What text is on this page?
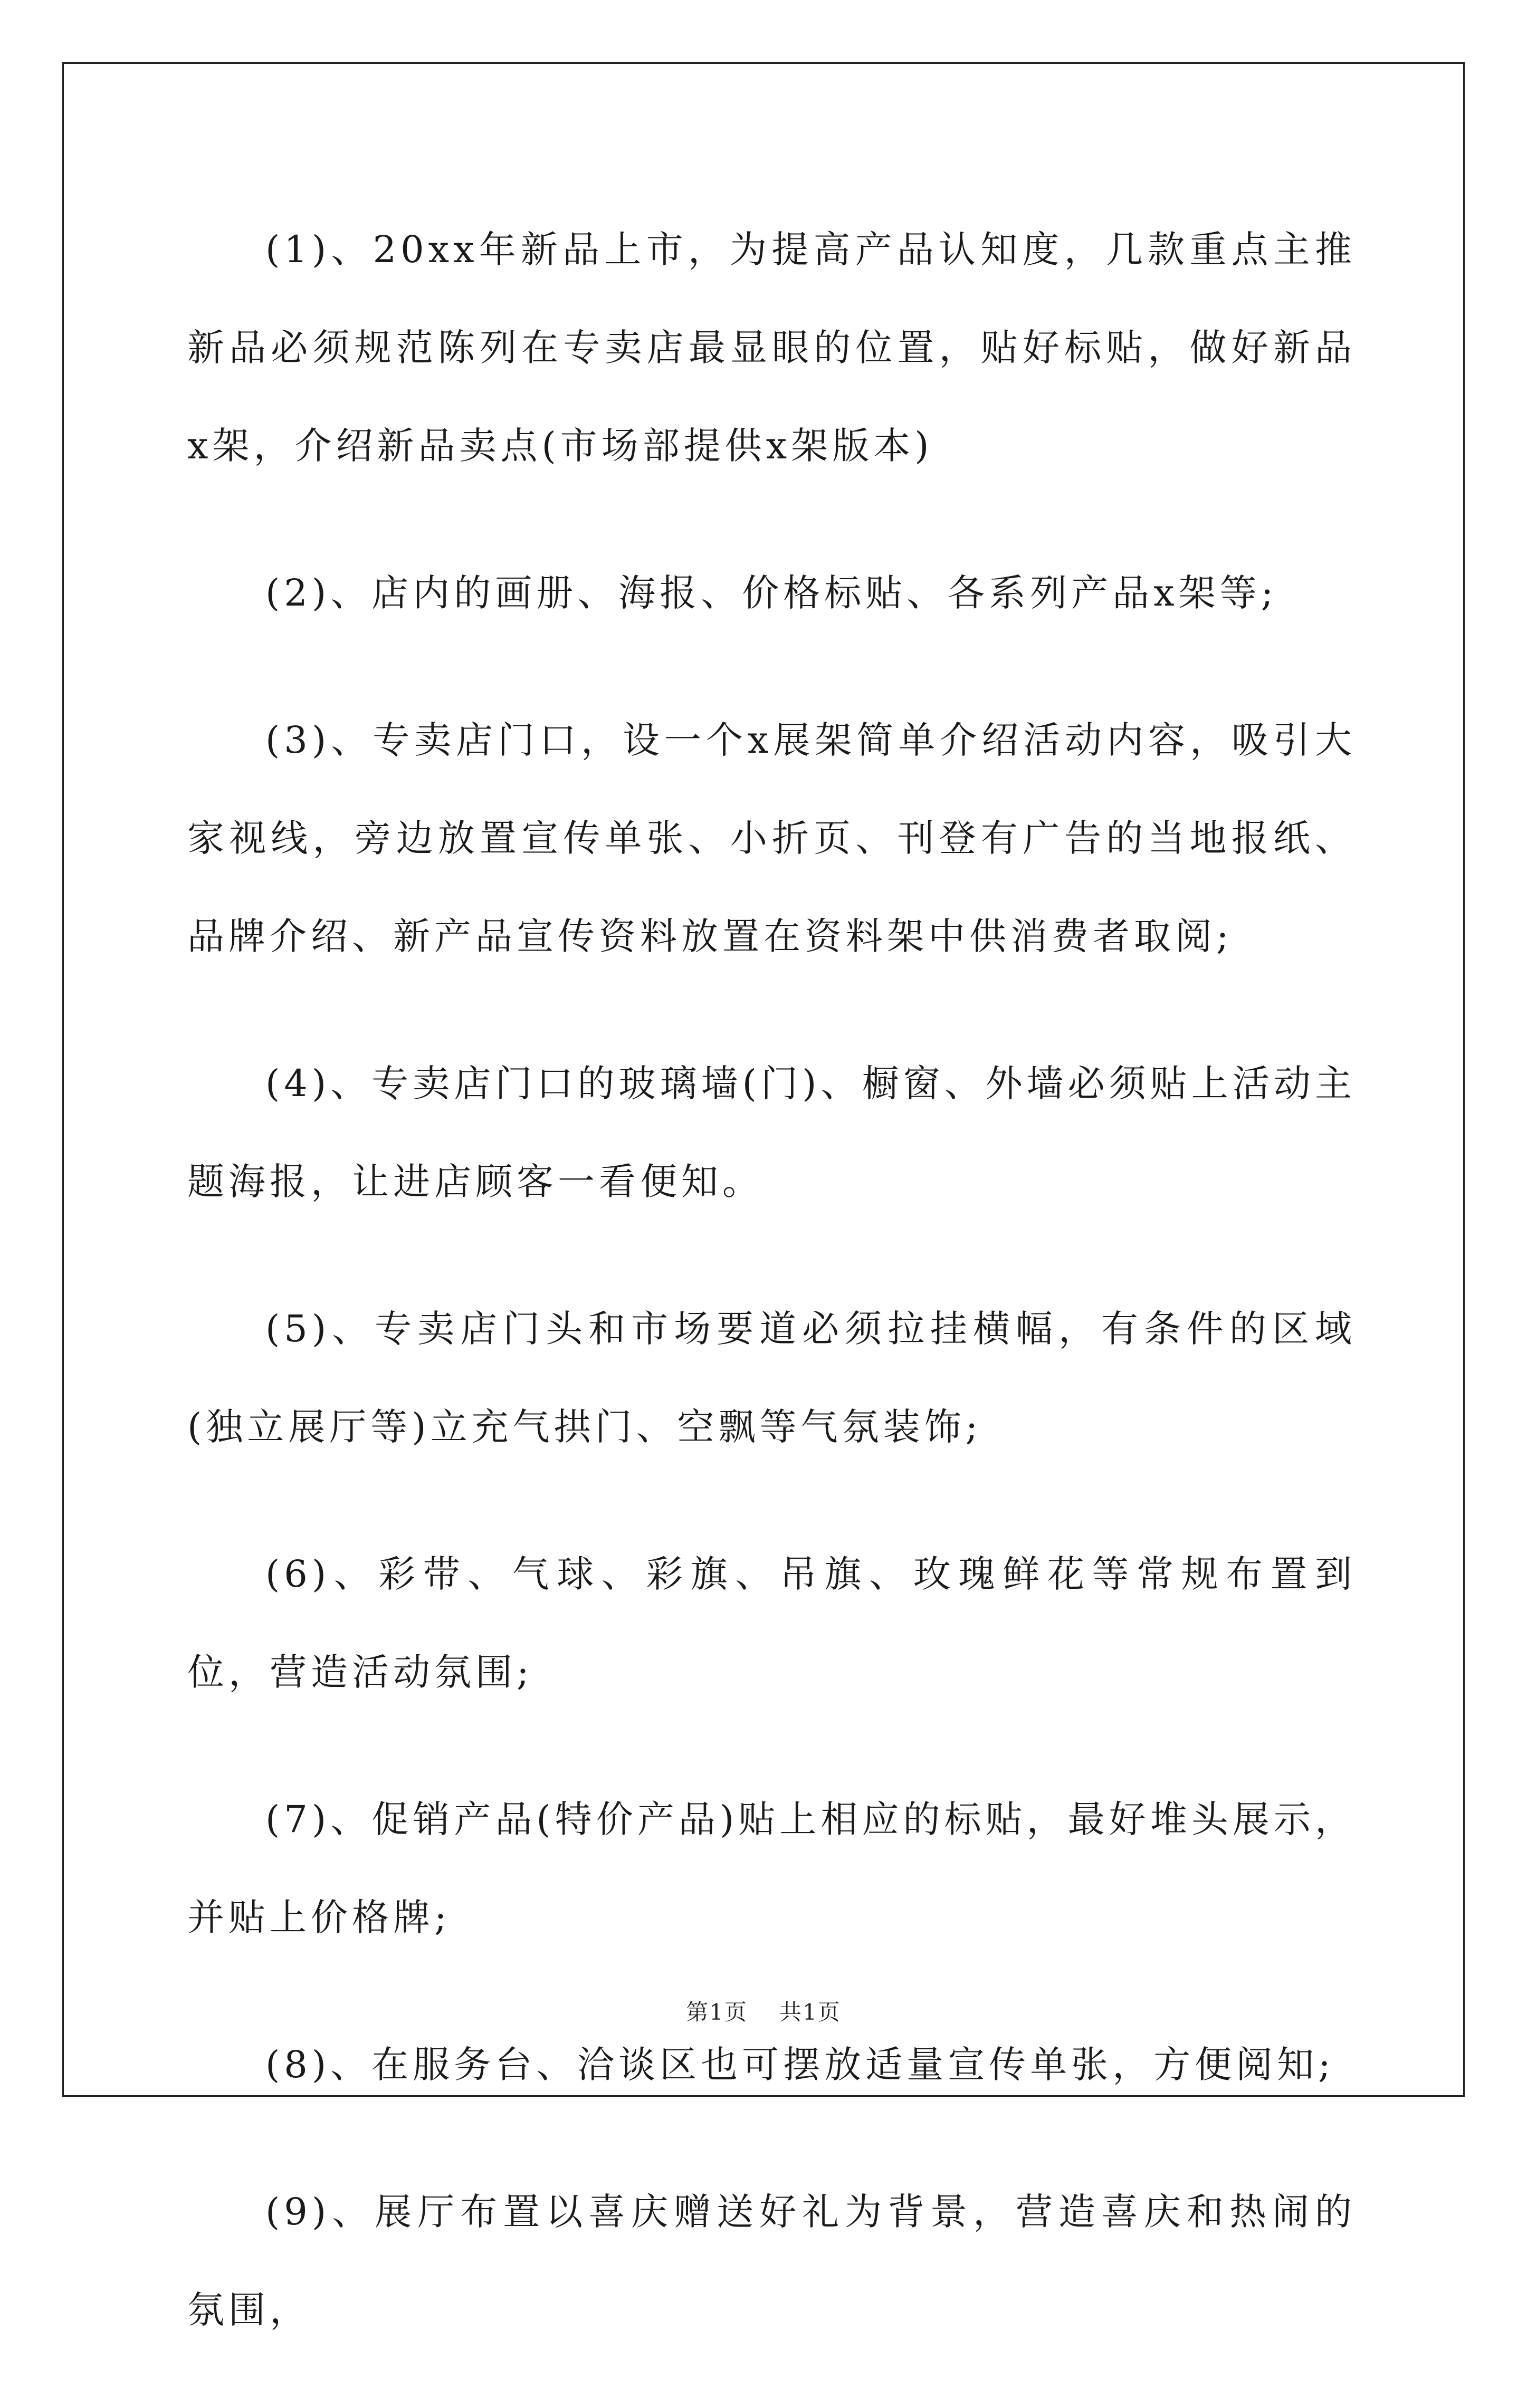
(1)、20xx年新品上市，为提高产品认知度，几款重点主推新品必须规范陈列在专卖店最显眼的位置，贴好标贴，做好新品x架，介绍新品卖点(市场部提供x架版本)

(2)、店内的画册、海报、价格标贴、各系列产品x架等;

(3)、专卖店门口，设一个x展架简单介绍活动内容，吸引大家视线，旁边放置宣传单张、小折页、刊登有广告的当地报纸、品牌介绍、新产品宣传资料放置在资料架中供消费者取阅;

(4)、专卖店门口的玻璃墙(门)、橱窗、外墙必须贴上活动主题海报，让进店顾客一看便知。

(5)、专卖店门头和市场要道必须拉挂横幅，有条件的区域(独立展厅等)立充气拱门、空飘等气氛装饰;

(6)、彩带、气球、彩旗、吊旗、玫瑰鲜花等常规布置到位，营造活动氛围;

(7)、促销产品(特价产品)贴上相应的标贴，最好堆头展示，并贴上价格牌;

(8)、在服务台、洽谈区也可摆放适量宣传单张，方便阅知;

(9)、展厅布置以喜庆赠送好礼为背景，营造喜庆和热闹的氛围，

第1页 共1页
